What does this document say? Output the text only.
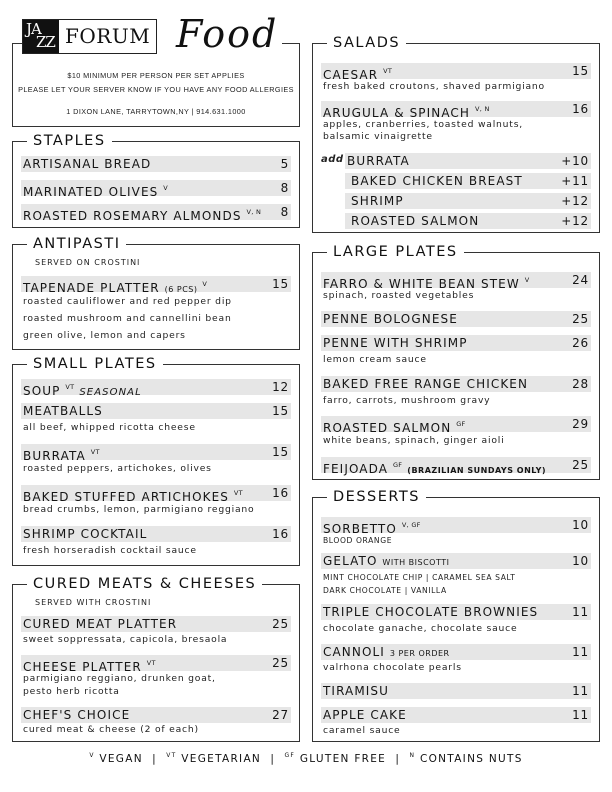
JA
ZZ FORUM Food
$10 MINIMUM PER PERSON PER SET APPLIES
PLEASE LET YOUR SERVER KNOW IF YOU HAVE ANY FOOD ALLERGIES
1 DIXON LANE, TARRYTOWN,NY | 914.631.1000
STAPLES
ARTISANAL BREAD	5
MARINATED OLIVES $^V$	8
ROASTED ROSEMARY ALMONDS $^{V, N}$ 8
ANTIPASTI
SERVED ON CROSTINI
TAPENADE PLATTER (6 PCS) $^V$	15
roasted cauliflower and red pepper dip
roasted mushroom and cannellini bean
green olive, lemon and capers
SMALL PLATES
SOUP $^{VT}$ SEASONAL	12
MEATBALLS	15
all beef, whipped ricotta cheese
BURRATA $^{VT}$	15
roasted peppers, artichokes, olives
BAKED STUFFED ARTICHOKES $^{VT}$ 16
bread crumbs, lemon, parmigiano reggiano
SHRIMP COCKTAIL	16
fresh horseradish cocktail sauce
CURED MEATS & CHEESES
SERVED WITH CROSTINI
CURED MEAT PLATTER	25
sweet soppressata, capicola, bresaola
CHEESE PLATTER $^{VT}$	25
parmigiano reggiano, drunken goat,
pesto herb ricotta
CHEF'S CHOICE	27
cured meat & cheese (2 of each)
SALADS
CAESAR $^{VT}$	15
fresh baked croutons, shaved parmigiano
ARUGULA & SPINACH $^{V, N}$	16
apples, cranberries, toasted walnuts,
balsamic vinaigrette
add BURRATA	+10
BAKED CHICKEN BREAST	+11
SHRIMP	+12
ROASTED SALMON	+12
LARGE PLATES
FARRO & WHITE BEAN STEW $^V$	24
spinach, roasted vegetables
PENNE BOLOGNESE	25
PENNE WITH SHRIMP	26
lemon cream sauce
BAKED FREE RANGE CHICKEN	28
farro, carrots, mushroom gravy
ROASTED SALMON $^{GF}$	29
white beans, spinach, ginger aioli
FEIJOADA $^{GF}$ (BRAZILIAN SUNDAYS ONLY) 25
DESSERTS
SORBETTO $^{V, GF}$	10
BLOOD ORANGE
GELATO WITH BISCOTTI	10
MINT CHOCOLATE CHIP | CARAMEL SEA SALT
DARK CHOCOLATE | VANILLA
TRIPLE CHOCOLATE BROWNIES	11
chocolate ganache, chocolate sauce
CANNOLI 3 PER ORDER	11
valrhona chocolate pearls
TIRAMISU	11
APPLE CAKE	11
caramel sauce
$^V$ VEGAN  |  $^{VT}$ VEGETARIAN  |  $^{GF}$ GLUTEN FREE  |  $^N$ CONTAINS NUTS
